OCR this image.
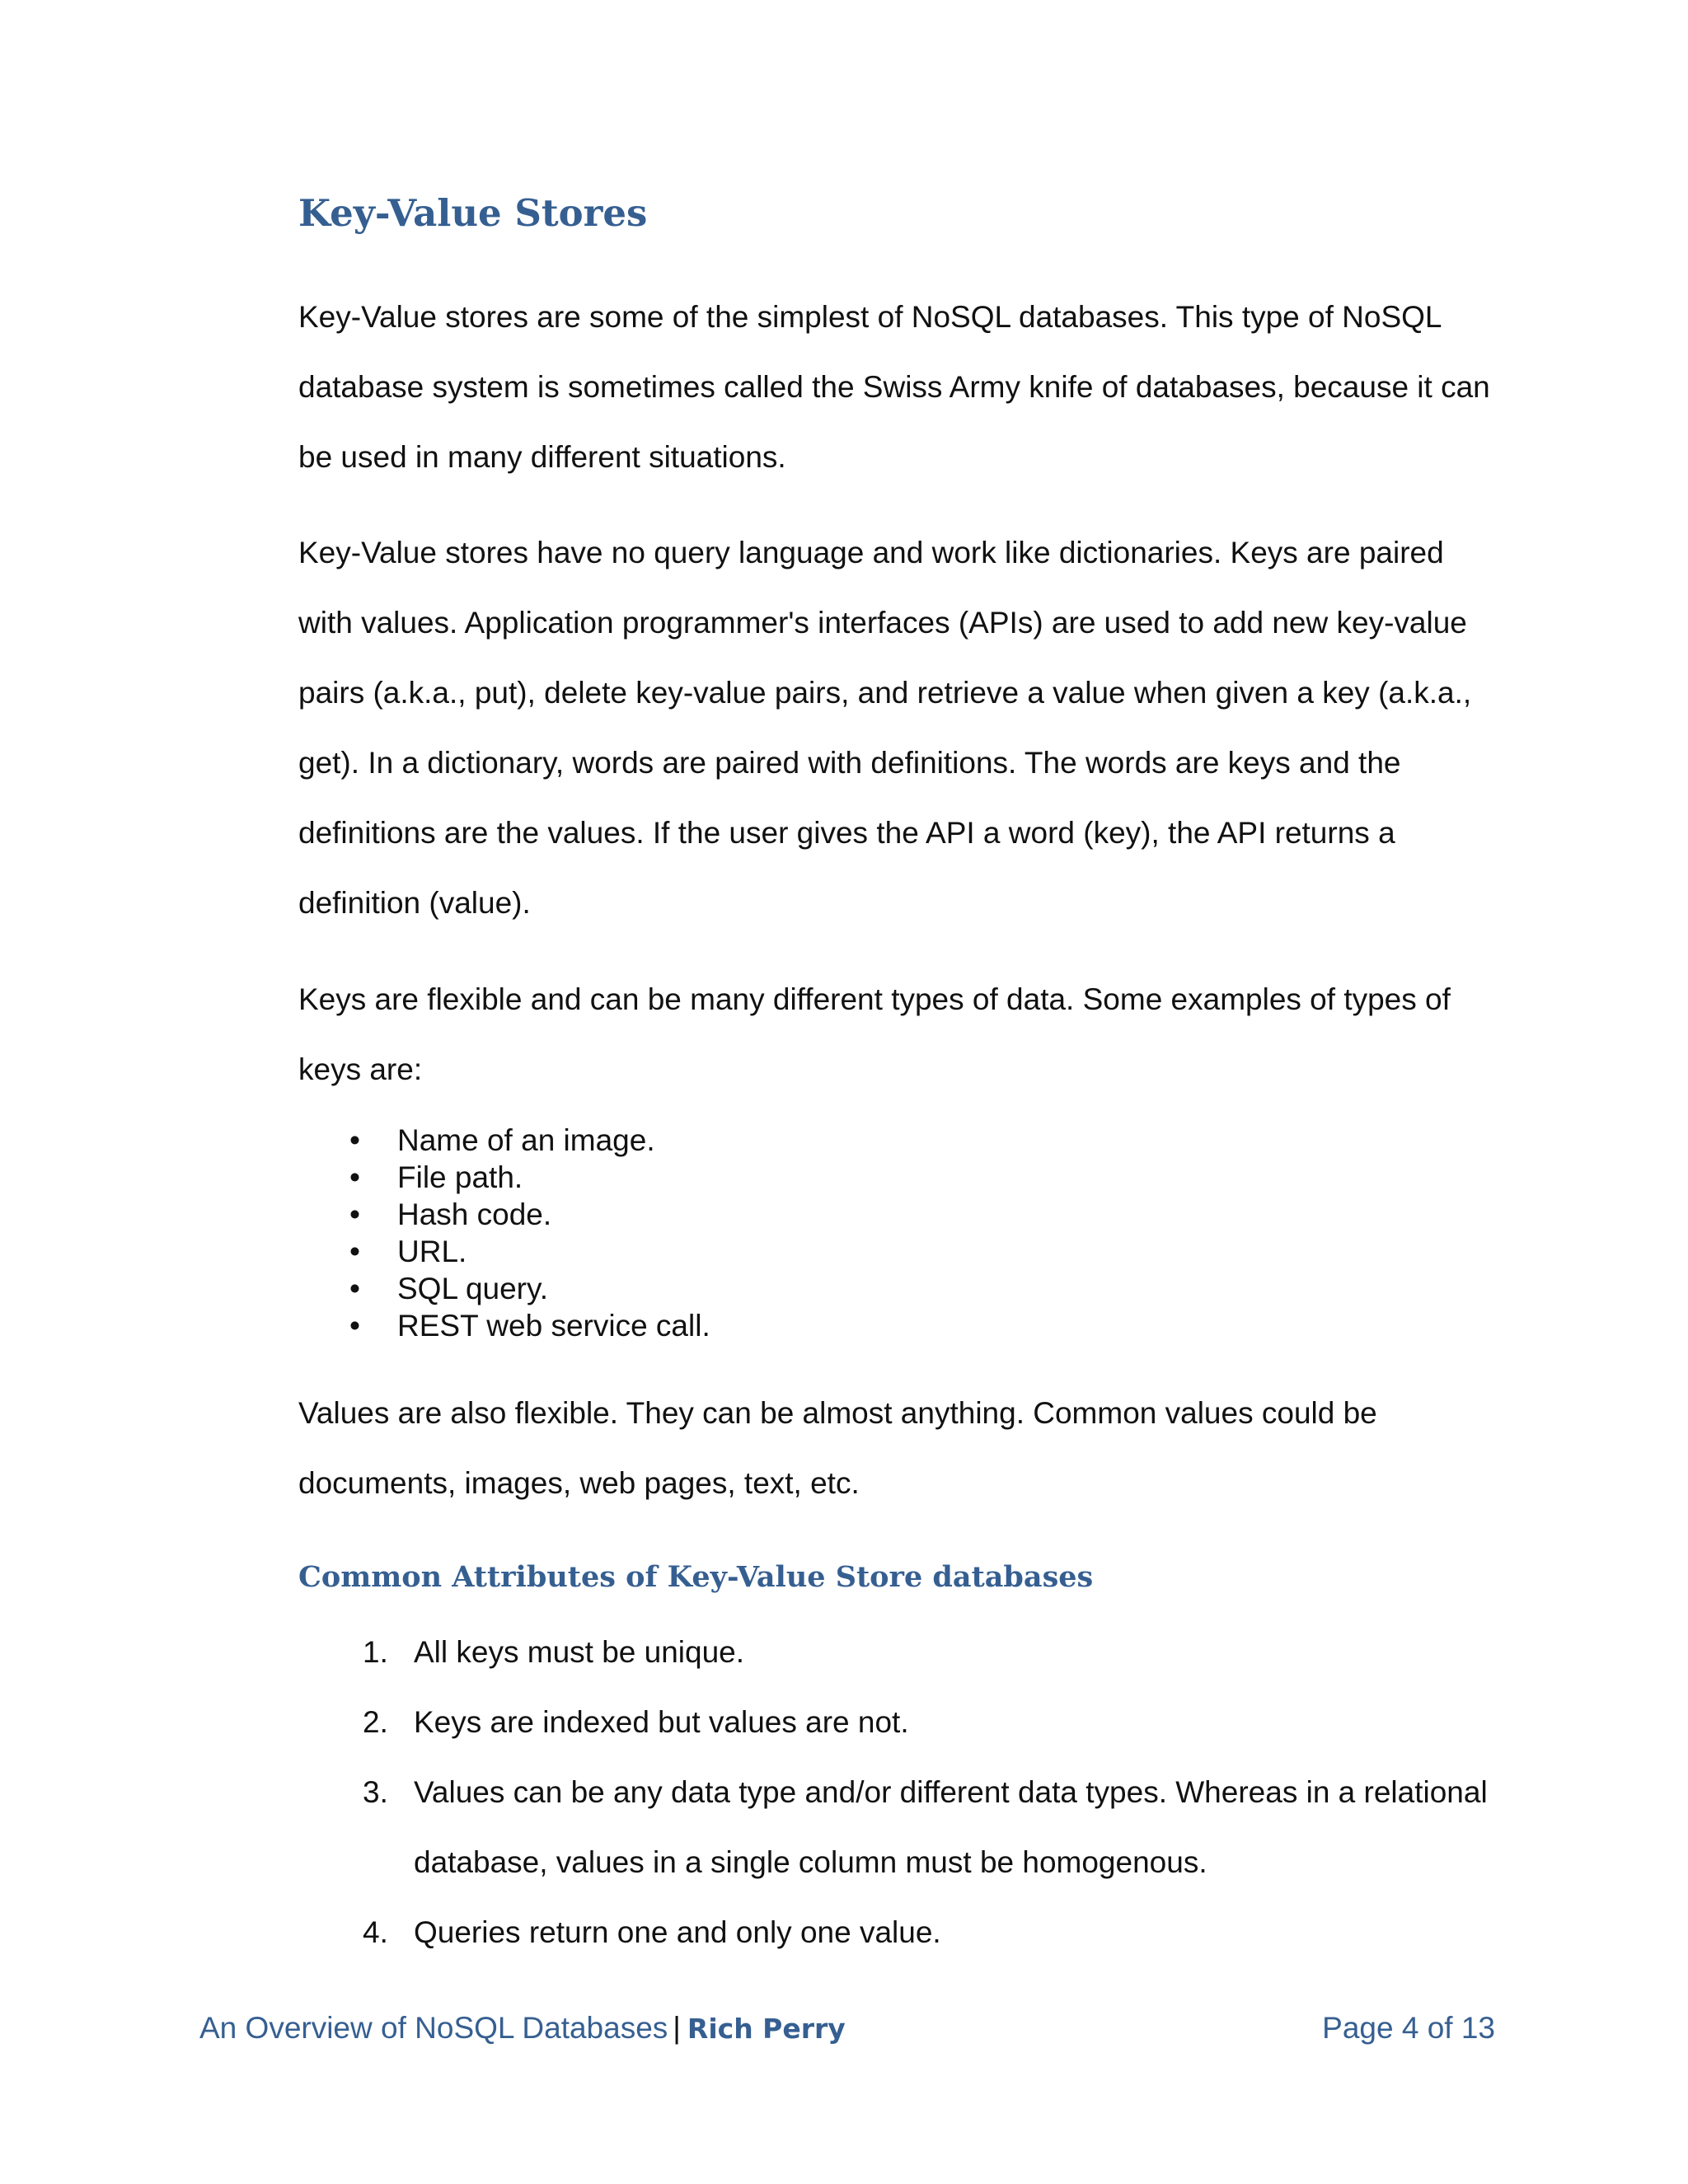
Key-Value Stores

Key-Value stores are some of the simplest of NoSQL databases. This type of NoSQL database system is sometimes called the Swiss Army knife of databases, because it can be used in many different situations.

Key-Value stores have no query language and work like dictionaries. Keys are paired with values. Application programmer's interfaces (APIs) are used to add new key-value pairs (a.k.a., put), delete key-value pairs, and retrieve a value when given a key (a.k.a., get). In a dictionary, words are paired with definitions. The words are keys and the definitions are the values. If the user gives the API a word (key), the API returns a definition (value).

Keys are flexible and can be many different types of data. Some examples of types of keys are:

• Name of an image.
• File path.
• Hash code.
• URL.
• SQL query.
• REST web service call.

Values are also flexible. They can be almost anything. Common values could be documents, images, web pages, text, etc.

Common Attributes of Key-Value Store databases
1. All keys must be unique.
2. Keys are indexed but values are not.
3. Values can be any data type and/or different data types. Whereas in a relational database, values in a single column must be homogenous.
4. Queries return one and only one value.
An Overview of NoSQL Databases | Rich Perry	Page 4 of 13
